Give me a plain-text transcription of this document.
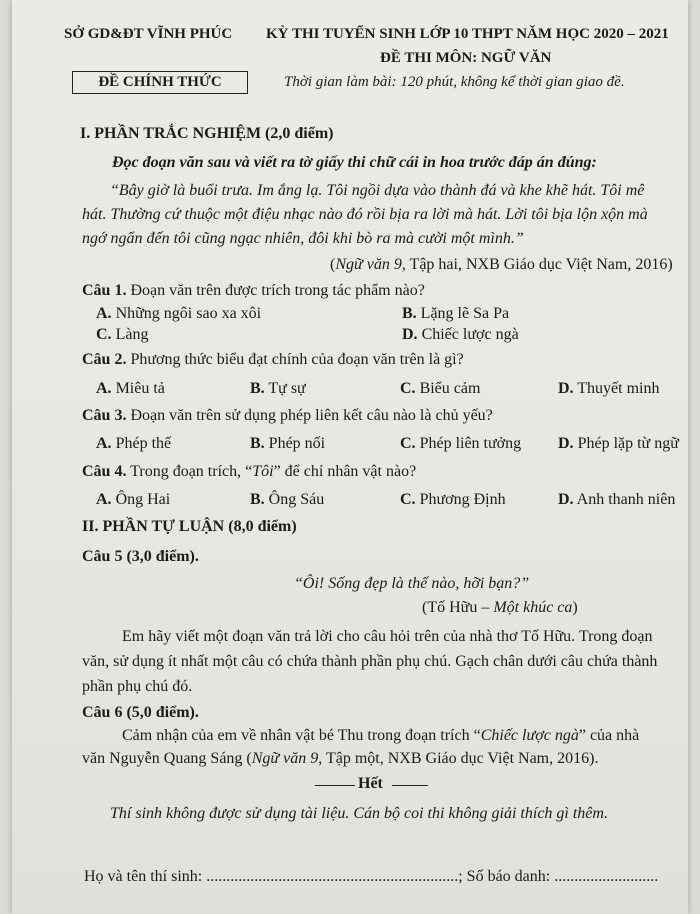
SỞ GD&ĐT VĨNH PHÚC KỲ THI TUYỂN SINH LỚP 10 THPT NĂM HỌC 2020 – 2021
ĐỀ THI MÔN: NGỮ VĂN
ĐỀ CHÍNH THỨC	Thời gian làm bài: 120 phút, không kể thời gian giao đề.
I. PHẦN TRẮC NGHIỆM (2,0 điểm)
Đọc đoạn văn sau và viết ra tờ giấy thi chữ cái in hoa trước đáp án đúng:
“Bây giờ là buổi trưa. Im ắng lạ. Tôi ngồi dựa vào thành đá và khe khẽ hát. Tôi mê
hát. Thường cứ thuộc một điệu nhạc nào đó rồi bịa ra lời mà hát. Lời tôi bịa lộn xộn mà
ngớ ngẩn đến tôi cũng ngạc nhiên, đôi khi bò ra mà cười một mình.”
(Ngữ văn 9, Tập hai, NXB Giáo dục Việt Nam, 2016)
Câu 1. Đoạn văn trên được trích trong tác phẩm nào?
A. Những ngôi sao xa xôi	B. Lặng lẽ Sa Pa
C. Làng	D. Chiếc lược ngà
Câu 2. Phương thức biểu đạt chính của đoạn văn trên là gì?
A. Miêu tả	B. Tự sự	C. Biểu cảm	D. Thuyết minh
Câu 3. Đoạn văn trên sử dụng phép liên kết câu nào là chủ yếu?
A. Phép thế	B. Phép nối	C. Phép liên tưởng D. Phép lặp từ ngữ
Câu 4. Trong đoạn trích, “Tôi” để chỉ nhân vật nào?
A. Ông Hai	B. Ông Sáu	C. Phương Định	D. Anh thanh niên
II. PHẦN TỰ LUẬN (8,0 điểm)
Câu 5 (3,0 điểm).
“Ôi! Sống đẹp là thế nào, hỡi bạn?”
(Tố Hữu – Một khúc ca)
Em hãy viết một đoạn văn trả lời cho câu hỏi trên của nhà thơ Tố Hữu. Trong đoạn
văn, sử dụng ít nhất một câu có chứa thành phần phụ chú. Gạch chân dưới câu chứa thành
phần phụ chú đó.
Câu 6 (5,0 điểm).
Cảm nhận của em về nhân vật bé Thu trong đoạn trích “Chiếc lược ngà” của nhà
văn Nguyễn Quang Sáng (Ngữ văn 9, Tập một, NXB Giáo dục Việt Nam, 2016).
Hết
Thí sinh không được sử dụng tài liệu. Cán bộ coi thi không giải thích gì thêm.
Họ và tên thí sinh: ...............................................................; Số báo danh: ..........................
